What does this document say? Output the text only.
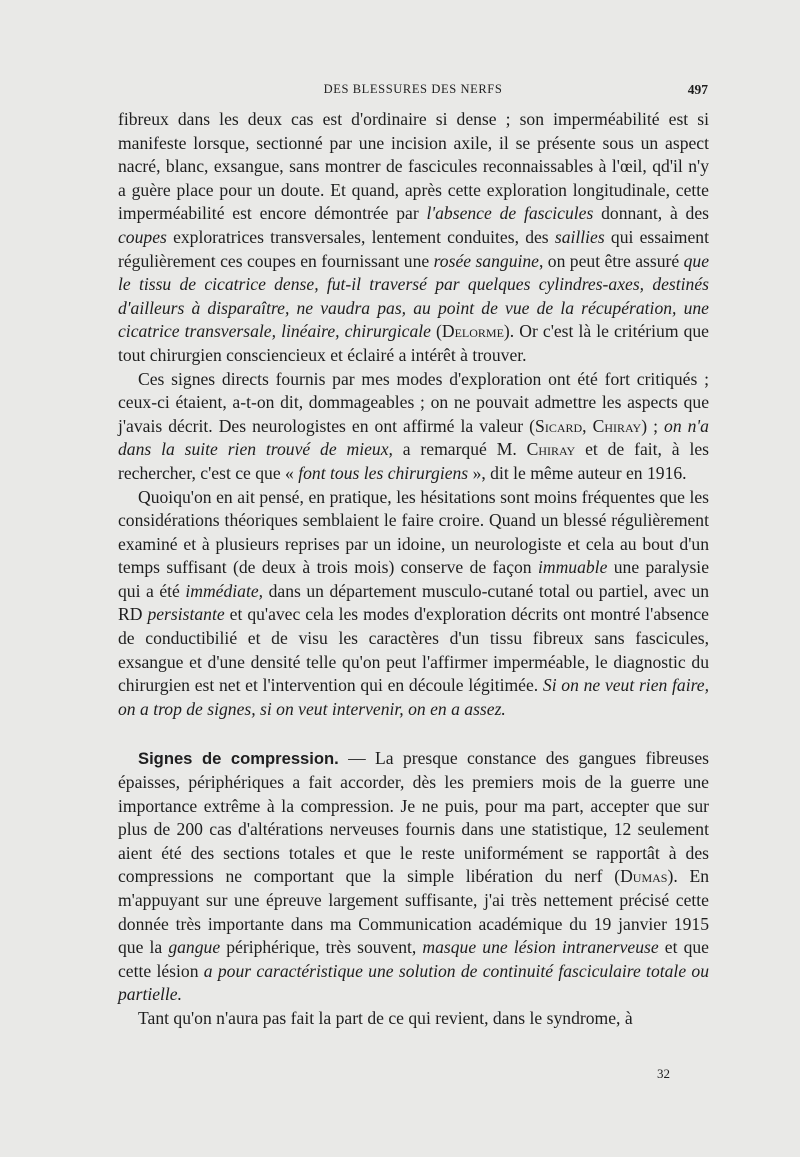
DES BLESSURES DES NERFS	497

fibreux dans les deux cas est d'ordinaire si dense ; son imperméabilité est si manifeste lorsque, sectionné par une incision axile, il se présente sous un aspect nacré, blanc, exsangue, sans montrer de fascicules reconnaissables à l'œil, qd'il n'y a guère place pour un doute. Et quand, après cette exploration longitudinale, cette imperméabilité est encore démontrée par l'absence de fascicules donnant, à des coupes exploratrices transversales, lentement conduites, des saillies qui essaiment régulièrement ces coupes en fournissant une rosée sanguine, on peut être assuré que le tissu de cicatrice dense, fut-il traversé par quelques cylindres-axes, destinés d'ailleurs à disparaître, ne vaudra pas, au point de vue de la récupération, une cicatrice transversale, linéaire, chirurgicale (Delorme). Or c'est là le critérium que tout chirurgien consciencieux et éclairé a intérêt à trouver.

Ces signes directs fournis par mes modes d'exploration ont été fort critiqués ; ceux-ci étaient, a-t-on dit, dommageables ; on ne pouvait admettre les aspects que j'avais décrit. Des neurologistes en ont affirmé la valeur (Sicard, Chiray) ; on n'a dans la suite rien trouvé de mieux, a remarqué M. Chiray et de fait, à les rechercher, c'est ce que « font tous les chirurgiens », dit le même auteur en 1916.

Quoiqu'on en ait pensé, en pratique, les hésitations sont moins fréquentes que les considérations théoriques semblaient le faire croire. Quand un blessé régulièrement examiné et à plusieurs reprises par un idoine, un neurologiste et cela au bout d'un temps suffisant (de deux à trois mois) conserve de façon immuable une paralysie qui a été immédiate, dans un département musculo-cutané total ou partiel, avec un RD persistante et qu'avec cela les modes d'exploration décrits ont montré l'absence de conductibilié et de visu les caractères d'un tissu fibreux sans fascicules, exsangue et d'une densité telle qu'on peut l'affirmer imperméable, le diagnostic du chirurgien est net et l'intervention qui en découle légitimée. Si on ne veut rien faire, on a trop de signes, si on veut intervenir, on en a assez.

Signes de compression. — La presque constance des gangues fibreuses épaisses, périphériques a fait accorder, dès les premiers mois de la guerre une importance extrême à la compression. Je ne puis, pour ma part, accepter que sur plus de 200 cas d'altérations nerveuses fournis dans une statistique, 12 seulement aient été des sections totales et que le reste uniformément se rapportât à des compressions ne comportant que la simple libération du nerf (Dumas). En m'appuyant sur une épreuve largement suffisante, j'ai très nettement précisé cette donnée très importante dans ma Communication académique du 19 janvier 1915 que la gangue périphérique, très souvent, masque une lésion intranerveuse et que cette lésion a pour caractéristique une solution de continuité fasciculaire totale ou partielle.

Tant qu'on n'aura pas fait la part de ce qui revient, dans le syndrome, à

32
